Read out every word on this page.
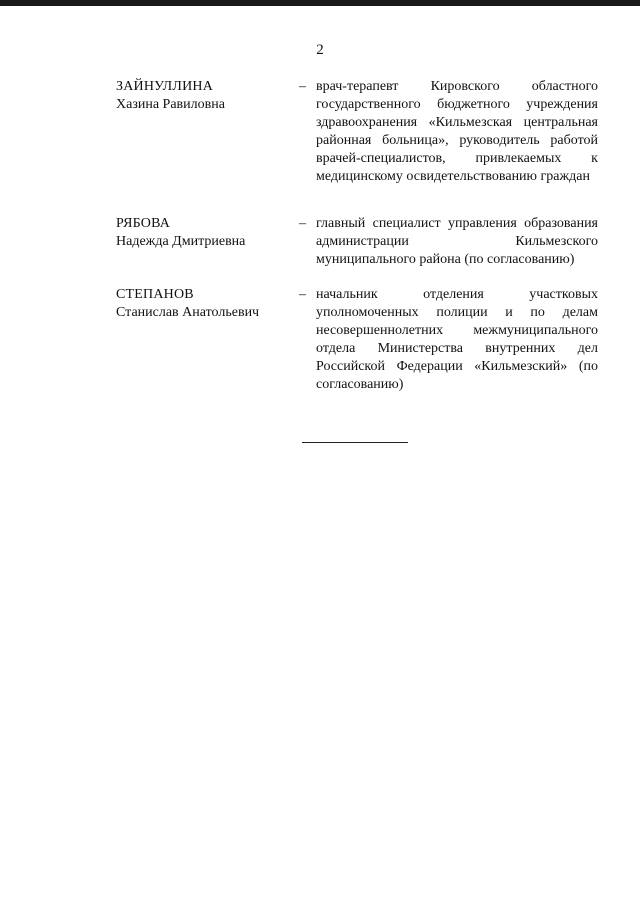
2
ЗАЙНУЛЛИНА
Хазина Равиловна
– врач-терапевт Кировского областного государственного бюджетного учреждения здравоохранения «Кильмезская центральная районная больница», руководитель работой врачей-специалистов, привлекаемых к медицинскому освидетельствованию граждан
РЯБОВА
Надежда Дмитриевна
– главный специалист управления образования администрации Кильмезского муниципального района (по согласованию)
СТЕПАНОВ
Станислав Анатольевич
– начальник отделения участковых уполномоченных полиции и по делам несовершеннолетних межмуниципального отдела Министерства внутренних дел Российской Федерации «Кильмезский» (по согласованию)
